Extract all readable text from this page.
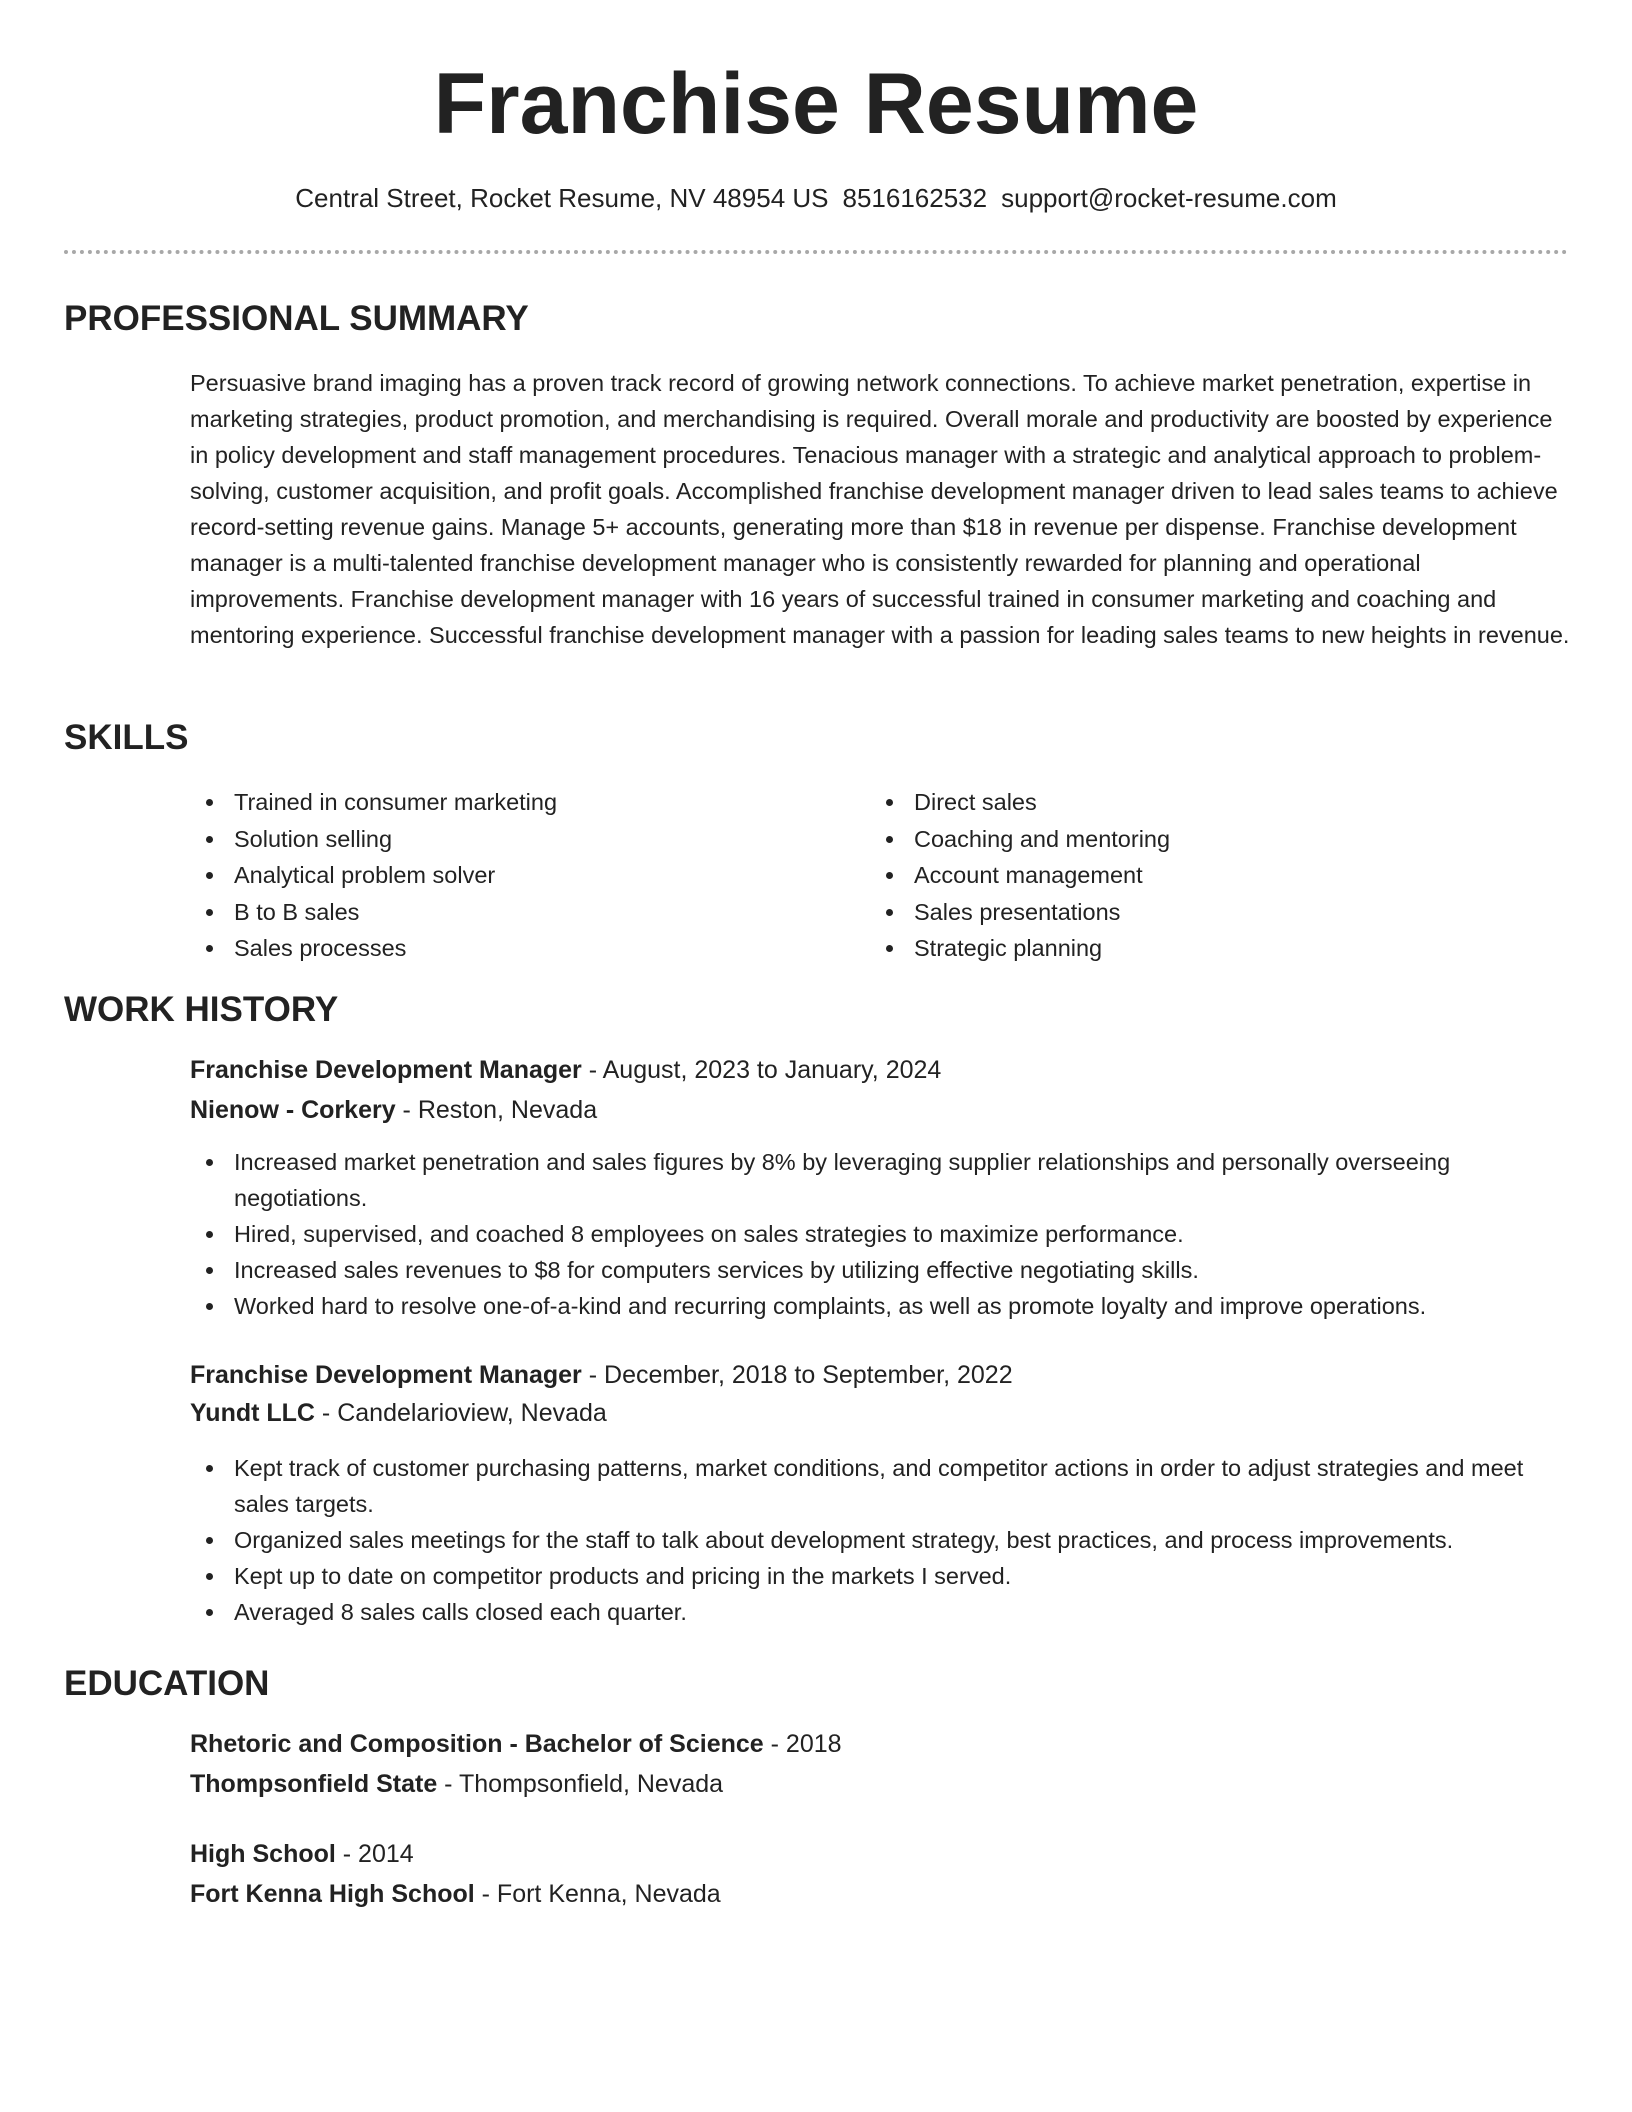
Franchise Resume
Central Street, Rocket Resume, NV 48954 US 8516162532 support@rocket-resume.com
PROFESSIONAL SUMMARY

Persuasive brand imaging has a proven track record of growing network connections. To achieve market penetration, expertise in marketing strategies, product promotion, and merchandising is required. Overall morale and productivity are boosted by experience in policy development and staff management procedures. Tenacious manager with a strategic and analytical approach to problem-solving, customer acquisition, and profit goals. Accomplished franchise development manager driven to lead sales teams to achieve record-setting revenue gains. Manage 5+ accounts, generating more than $18 in revenue per dispense. Franchise development manager is a multi-talented franchise development manager who is consistently rewarded for planning and operational improvements. Franchise development manager with 16 years of successful trained in consumer marketing and coaching and mentoring experience. Successful franchise development manager with a passion for leading sales teams to new heights in revenue.

SKILLS
Trained in consumer marketing
Solution selling
Analytical problem solver
B to B sales
Sales processes
Direct sales
Coaching and mentoring
Account management
Sales presentations
Strategic planning
WORK HISTORY
Franchise Development Manager - August, 2023 to January, 2024
Nienow - Corkery - Reston, Nevada
Increased market penetration and sales figures by 8% by leveraging supplier relationships and personally overseeing negotiations.
Hired, supervised, and coached 8 employees on sales strategies to maximize performance.
Increased sales revenues to $8 for computers services by utilizing effective negotiating skills.
Worked hard to resolve one-of-a-kind and recurring complaints, as well as promote loyalty and improve operations.
Franchise Development Manager - December, 2018 to September, 2022
Yundt LLC - Candelarioview, Nevada
Kept track of customer purchasing patterns, market conditions, and competitor actions in order to adjust strategies and meet sales targets.
Organized sales meetings for the staff to talk about development strategy, best practices, and process improvements.
Kept up to date on competitor products and pricing in the markets I served.
Averaged 8 sales calls closed each quarter.
EDUCATION
Rhetoric and Composition - Bachelor of Science - 2018
Thompsonfield State - Thompsonfield, Nevada
High School - 2014
Fort Kenna High School - Fort Kenna, Nevada
